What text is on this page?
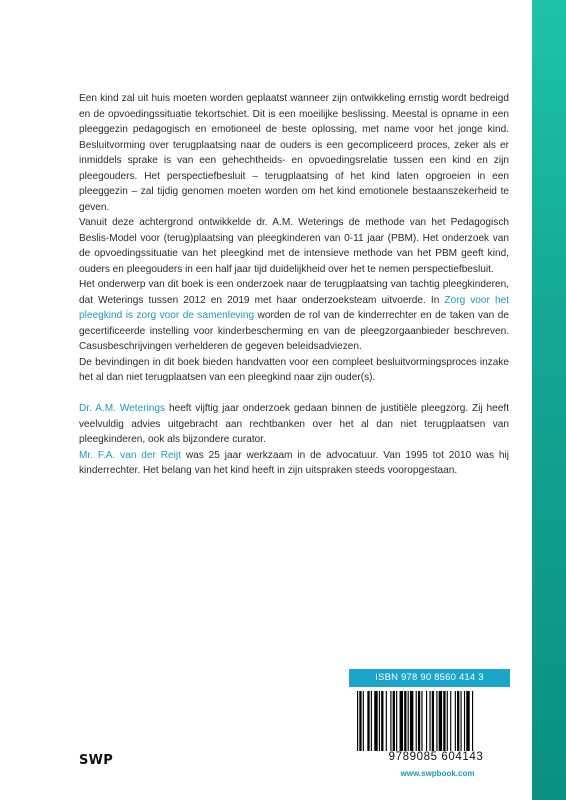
Een kind zal uit huis moeten worden geplaatst wanneer zijn ontwikkeling ernstig wordt bedreigd en de opvoedingssituatie tekortschiet. Dit is een moeilijke beslissing. Meestal is opname in een pleeggezin pedagogisch en emotioneel de beste oplossing, met name voor het jonge kind. Besluitvorming over terugplaatsing naar de ouders is een gecompliceerd proces, zeker als er inmiddels sprake is van een gehechtheids- en opvoedingsrelatie tussen een kind en zijn pleegouders. Het perspectiefbesluit – terugplaatsing of het kind laten opgroeien in een pleeggezin – zal tijdig genomen moeten worden om het kind emotionele bestaanszekerheid te geven.

Vanuit deze achtergrond ontwikkelde dr. A.M. Weterings de methode van het Pedagogisch Beslis-Model voor (terug)plaatsing van pleegkinderen van 0-11 jaar (PBM). Het onderzoek van de opvoedingssituatie van het pleegkind met de intensieve methode van het PBM geeft kind, ouders en pleegouders in een half jaar tijd duidelijkheid over het te nemen perspectiefbesluit.

Het onderwerp van dit boek is een onderzoek naar de terugplaatsing van tachtig pleegkinderen, dat Weterings tussen 2012 en 2019 met haar onderzoeksteam uitvoerde. In Zorg voor het pleegkind is zorg voor de samenleving worden de rol van de kinderrechter en de taken van de gecertificeerde instelling voor kinderbescherming en van de pleegzorgaanbieder beschreven. Casusbeschrijvingen verhelderen de gegeven beleidsadviezen.

De bevindingen in dit boek bieden handvatten voor een compleet besluitvormingsproces inzake het al dan niet terugplaatsen van een pleegkind naar zijn ouder(s).

Dr. A.M. Weterings heeft vijftig jaar onderzoek gedaan binnen de justitiële pleegzorg. Zij heeft veelvuldig advies uitgebracht aan rechtbanken over het al dan niet terugplaatsen van pleegkinderen, ook als bijzondere curator.

Mr. F.A. van der Reijt was 25 jaar werkzaam in de advocatuur. Van 1995 tot 2010 was hij kinderrechter. Het belang van het kind heeft in zijn uitspraken steeds vooropgestaan.

ISBN 978 90 8560 414 3
9789085 604143
www.swpbook.com
SWP
